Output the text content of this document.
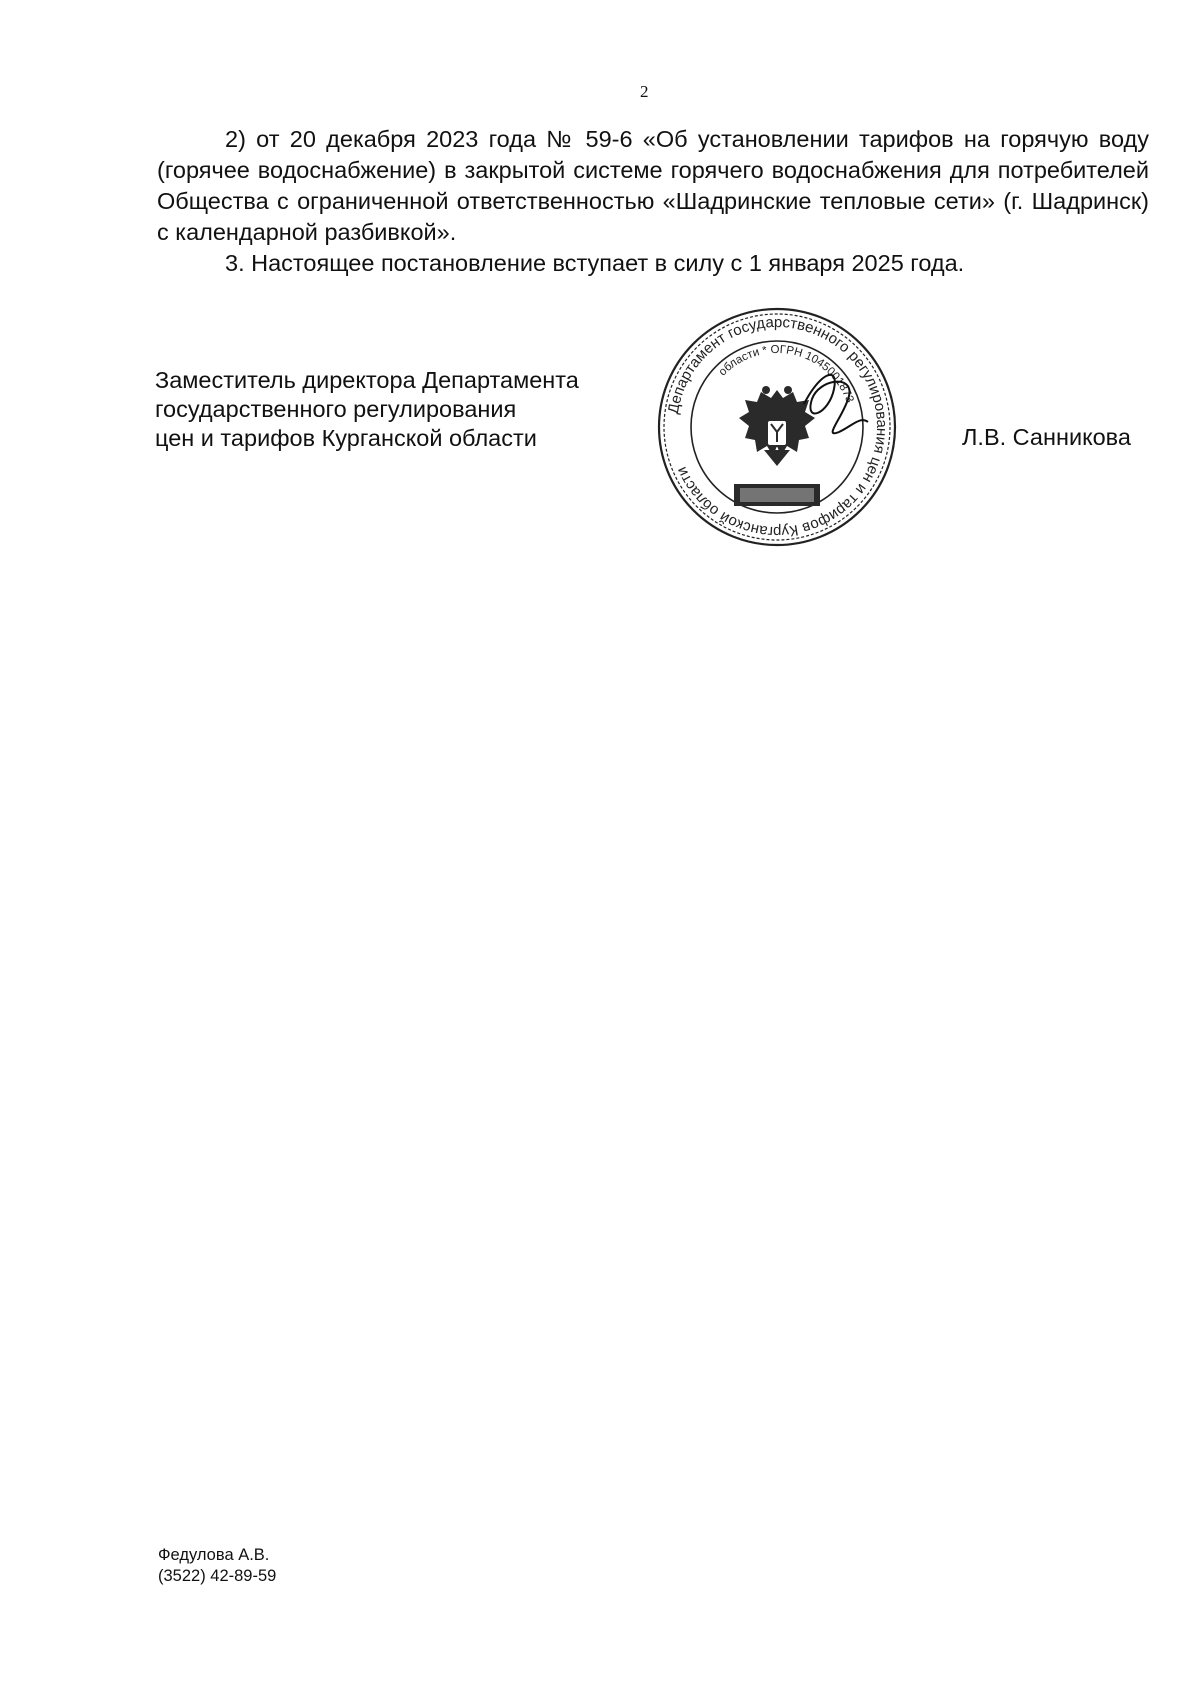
2

2) от 20 декабря 2023 года № 59-6 «Об установлении тарифов на горячую воду (горячее водоснабжение) в закрытой системе горячего водоснабжения для потребителей Общества с ограниченной ответственностью «Шадринские тепловые сети» (г. Шадринск) с календарной разбивкой».

3. Настоящее постановление вступает в силу с 1 января 2025 года.

Заместитель директора Департамента
государственного регулирования
цен и тарифов Курганской области
Департамент государственного регулирования цен и тарифов Курганской области
области * ОГРН 1045001873
Л.В. Санникова
Федулова А.В.
(3522) 42-89-59
